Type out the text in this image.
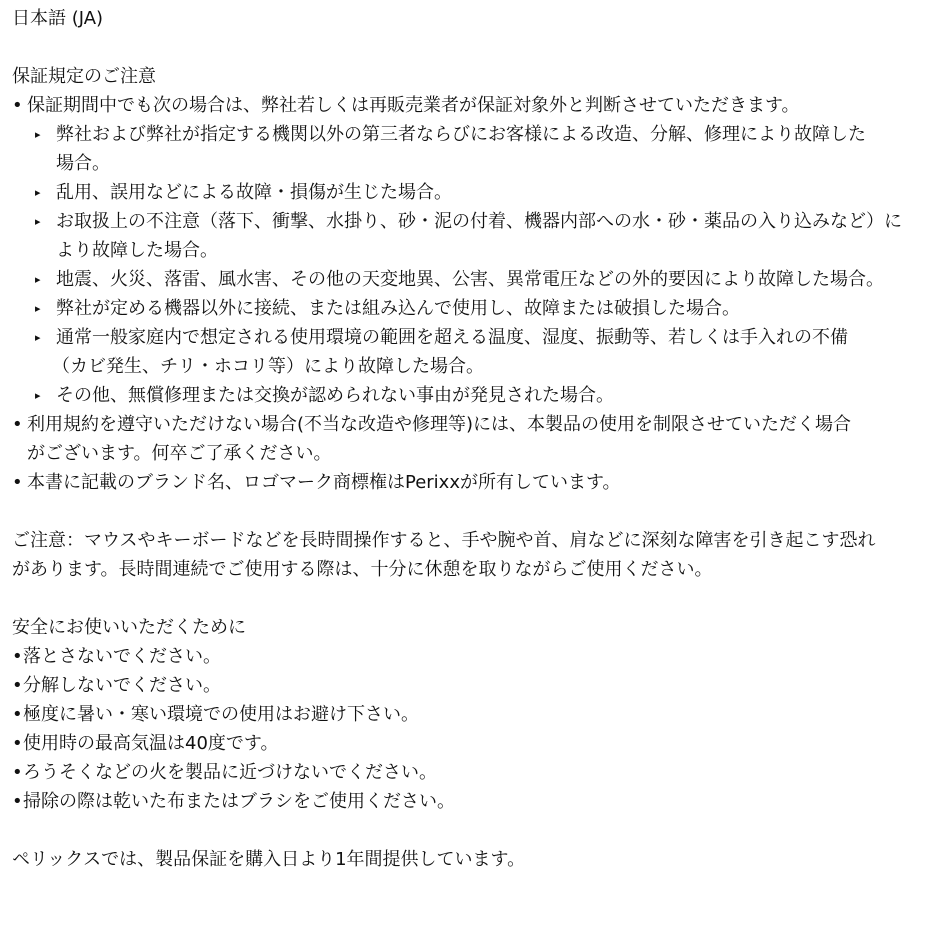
日本語 (JA)
保証規定のご注意
• 保証期間中でも次の場合は、弊社若しくは再販売業者が保証対象外と判断させていただきます。
▸ 弊社および弊社が指定する機関以外の第三者ならびにお客様による改造、分解、修理により故障した
場合。
▸ 乱用、誤用などによる故障・損傷が生じた場合。
▸ お取扱上の不注意（落下、衝撃、水掛り、砂・泥の付着、機器内部への水・砂・薬品の入り込みなど）に
より故障した場合。
▸ 地震、火災、落雷、風水害、その他の天変地異、公害、異常電圧などの外的要因により故障した場合。
▸ 弊社が定める機器以外に接続、または組み込んで使用し、故障または破損した場合。
▸ 通常一般家庭内で想定される使用環境の範囲を超える温度、湿度、振動等、若しくは手入れの不備
（カビ発生、チリ・ホコリ等）により故障した場合。
▸ その他、無償修理または交換が認められない事由が発見された場合。
• 利用規約を遵守いただけない場合(不当な改造や修理等)には、本製品の使用を制限させていただく場合
がございます。何卒ご了承ください。
• 本書に記載のブランド名、ロゴマーク商標権はPerixxが所有しています。
ご注意：マウスやキーボードなどを長時間操作すると、手や腕や首、肩などに深刻な障害を引き起こす恐れ
があります。長時間連続でご使用する際は、十分に休憩を取りながらご使用ください。
安全にお使いいただくために
• 落とさないでください。
• 分解しないでください。
• 極度に暑い・寒い環境での使用はお避け下さい。
• 使用時の最高気温は40度です。
• ろうそくなどの火を製品に近づけないでください。
• 掃除の際は乾いた布またはブラシをご使用ください。
ペリックスでは、製品保証を購入日より1年間提供しています。
